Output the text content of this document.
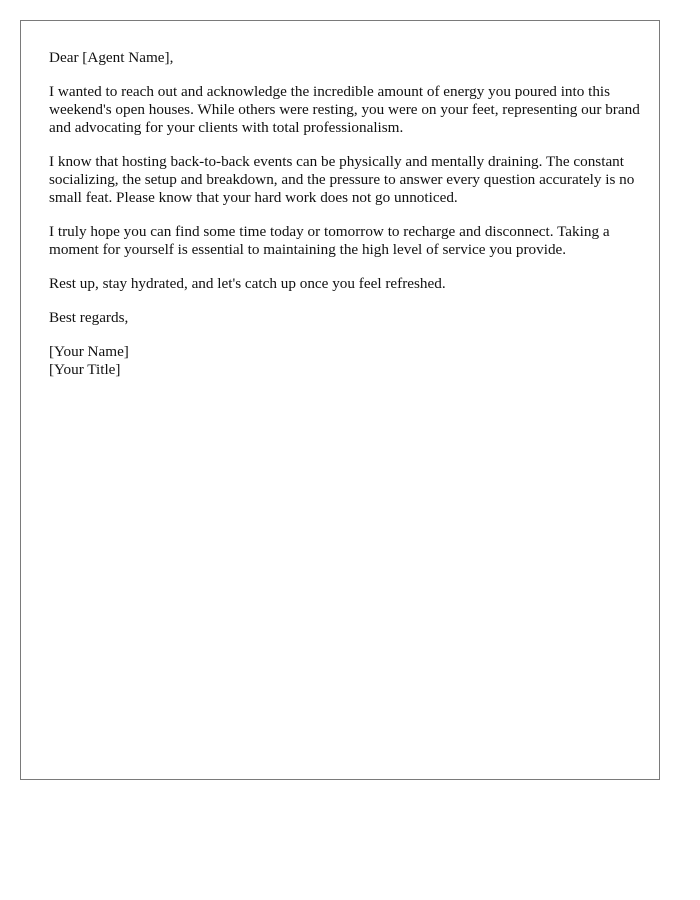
Dear [Agent Name],

I wanted to reach out and acknowledge the incredible amount of energy you poured into this weekend's open houses. While others were resting, you were on your feet, representing our brand and advocating for your clients with total professionalism.

I know that hosting back-to-back events can be physically and mentally draining. The constant socializing, the setup and breakdown, and the pressure to answer every question accurately is no small feat. Please know that your hard work does not go unnoticed.

I truly hope you can find some time today or tomorrow to recharge and disconnect. Taking a moment for yourself is essential to maintaining the high level of service you provide.

Rest up, stay hydrated, and let's catch up once you feel refreshed.

Best regards,

[Your Name]
[Your Title]
